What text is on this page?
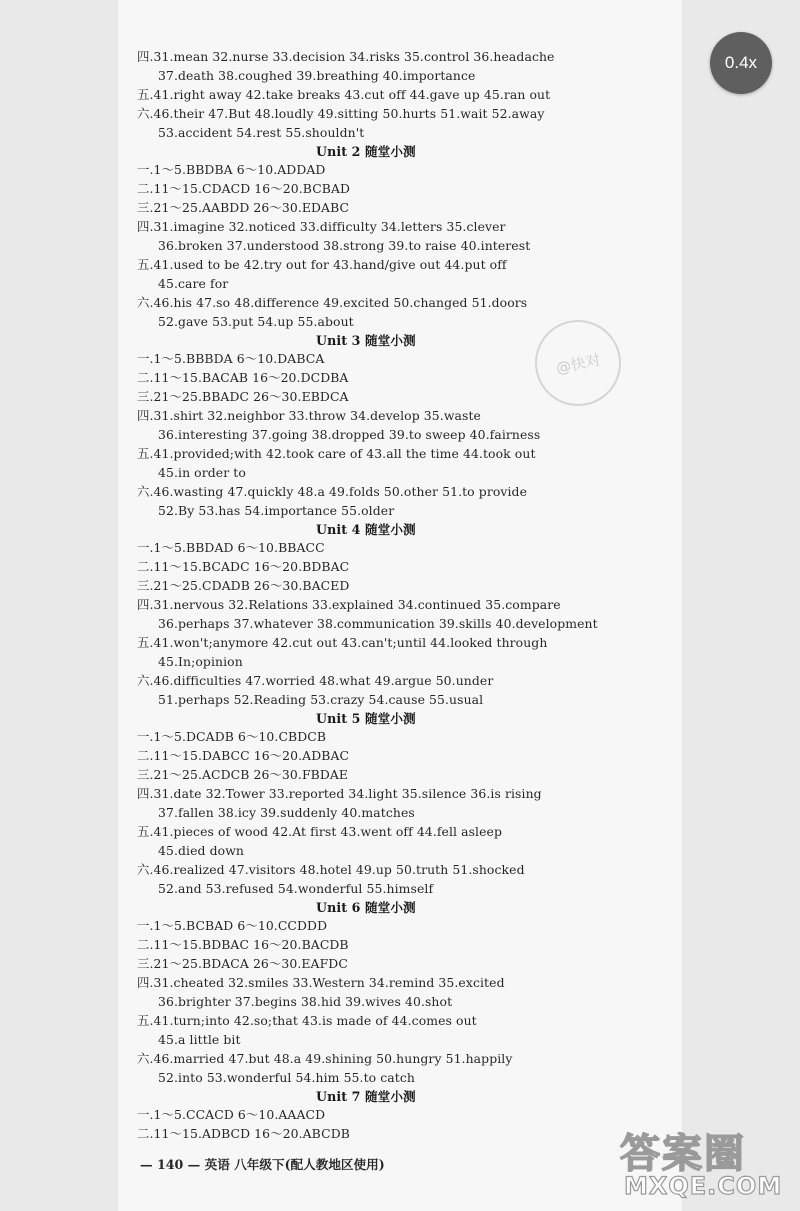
四.31.mean 32.nurse 33.decision 34.risks 35.control 36.headache
37.death 38.coughed 39.breathing 40.importance
五.41.right away 42.take breaks 43.cut off 44.gave up 45.ran out
六.46.their 47.But 48.loudly 49.sitting 50.hurts 51.wait 52.away
53.accident 54.rest 55.shouldn't
Unit 2 随堂小测
一.1～5.BBDBA 6～10.ADDAD
二.11～15.CDACD 16～20.BCBAD
三.21～25.AABDD 26～30.EDABC
四.31.imagine 32.noticed 33.difficulty 34.letters 35.clever
36.broken 37.understood 38.strong 39.to raise 40.interest
五.41.used to be 42.try out for 43.hand/give out 44.put off
45.care for
六.46.his 47.so 48.difference 49.excited 50.changed 51.doors
52.gave 53.put 54.up 55.about
Unit 3 随堂小测
一.1～5.BBBDA 6～10.DABCA
二.11～15.BACAB 16～20.DCDBA
三.21～25.BBADC 26～30.EBDCA
四.31.shirt 32.neighbor 33.throw 34.develop 35.waste
36.interesting 37.going 38.dropped 39.to sweep 40.fairness
五.41.provided;with 42.took care of 43.all the time 44.took out
45.in order to
六.46.wasting 47.quickly 48.a 49.folds 50.other 51.to provide
52.By 53.has 54.importance 55.older
Unit 4 随堂小测
一.1～5.BBDAD 6～10.BBACC
二.11～15.BCADC 16～20.BDBAC
三.21～25.CDADB 26～30.BACED
四.31.nervous 32.Relations 33.explained 34.continued 35.compare
36.perhaps 37.whatever 38.communication 39.skills 40.development
五.41.won't;anymore 42.cut out 43.can't;until 44.looked through
45.In;opinion
六.46.difficulties 47.worried 48.what 49.argue 50.under
51.perhaps 52.Reading 53.crazy 54.cause 55.usual
Unit 5 随堂小测
一.1～5.DCADB 6～10.CBDCB
二.11～15.DABCC 16～20.ADBAC
三.21～25.ACDCB 26～30.FBDAE
四.31.date 32.Tower 33.reported 34.light 35.silence 36.is rising
37.fallen 38.icy 39.suddenly 40.matches
五.41.pieces of wood 42.At first 43.went off 44.fell asleep
45.died down
六.46.realized 47.visitors 48.hotel 49.up 50.truth 51.shocked
52.and 53.refused 54.wonderful 55.himself
Unit 6 随堂小测
一.1～5.BCBAD 6～10.CCDDD
二.11～15.BDBAC 16～20.BACDB
三.21～25.BDACA 26～30.EAFDC
四.31.cheated 32.smiles 33.Western 34.remind 35.excited
36.brighter 37.begins 38.hid 39.wives 40.shot
五.41.turn;into 42.so;that 43.is made of 44.comes out
45.a little bit
六.46.married 47.but 48.a 49.shining 50.hungry 51.happily
52.into 53.wonderful 54.him 55.to catch
Unit 7 随堂小测
一.1～5.CCACD 6～10.AAACD
二.11～15.ADBCD 16～20.ABCDB
— 140 — 英语 八年级下(配人教地区使用)
@快对
答案圈
MXQE.COM
0.4x
